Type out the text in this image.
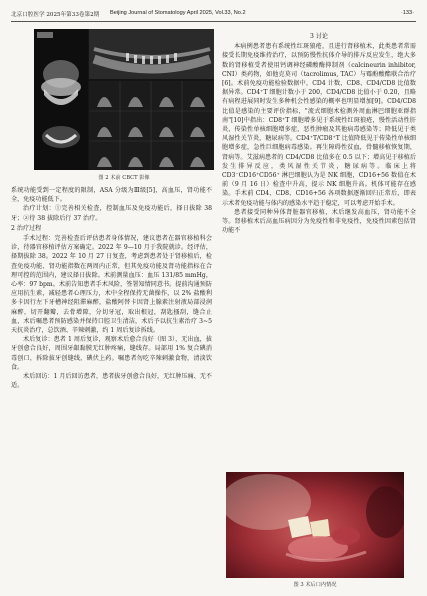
北京口腔医学 2025年第33卷第2期 Beijing Journal of Stomatology April 2025, Vol.33, No.2	·133·
图 2 术前 CBCT 影像

系统功能受到一定程度的限制，ASA 分级为Ⅲ级[5]，高血压，肾功能不全，免疫功能低下。

治疗计划：①完善相关检查，控制血压及免疫功能后，择日拔除 38 牙；②待 38 拔除后行 37 治疗。

2 治疗过程

手术过程：完善检查后评估患者身体情况，建议患者在器官移植科会诊，待器官移植评估方案确定。2022 年 9—10 月于我院就诊。经评估，择期拔除 38。2022 年 10 月 27 日复查，考虑到患者处于肾移植后，检查免疫功能、肾功能指数在两周内正常，但其免疫功能及肾功能指标在合理可控的范围内，建议择日拔除。术前测量血压：血压 131/85 mmHg，心率：97 bpm。术前告知患者手术风险，签署知情同意书。提前沟通预防应用抗生素，减轻患者心理压力，术中全程保持无菌操作，以 2% 盐酸利多卡因行左下牙槽神经阻滞麻醉，盐酸阿替卡因肾上腺素注射液局部浸润麻醉，切开翻瓣，去骨增隙，分切牙冠，取出根冠，刮匙搔刮，缝合止血，术后嘱患者预防感染并保持口腔卫生清洁，术后予以抗生素治疗 3~5 天抗炎治疗，总饮酒、辛辣刺激，约 1 周后复诊拆线。

术后复诊：患者 1 周后复诊，观察术后愈合良好（图 3），无出血，拔牙创愈合良好，周围牙龈黏膜无红肿疼痛，缝线存。局部用 1% 复合碘消毒创口，拆除拔牙创缝线，碘伏上药。嘱患者勿吃辛辣刺激食物，清淡饮食。

术后回访：1 月后回访患者，患者拔牙创愈合良好，无红肿压痛、无不适。

3 讨论

本病例患者患有系统性红斑狼疮，且进行肾移植术，此类患者常需接受长期免疫维持治疗，以预防慢性抗体介导的排斥反应发生，绝大多数的肾移植受者使用钙调神经磷酸酶抑制剂（calcineurin inhibitor, CNI）类药物，如他克莫司（tacrolimus, TAC）与霉酚酸酯联合治疗[6]。术前免疫功能检验数据中，CD4 计数、CD8、CD4/CD8 比值数据异常。CD4⁺T 细胞计数小于 200，CD4/CD8 比值小于 0.20，且略有病程进展同时发生多种机会性感染的概率也明显增加[9]。CD4/CD8 比值是感染的主要评价指标，"流式细胞术检测外周血淋巴细胞亚群指南"[10]中指出：CD8⁺T 细胞增多见于系统性红斑狼疮，慢性活动性肝炎，传染性单核细胞增多症，恶性肿瘤及其他病毒感染等；降低见于类风湿性关节炎，糖尿病等。CD4⁺T/CD8⁺T 比值降低见于传染性单核细胞增多症，急性巨细胞病毒感染。再生障碍性贫血，骨髓移植恢复期，肾病等。艾滋病患者的 CD4/CD8 比值多在 0.5 以下；增高见于移植后发生排异反应，类风湿性关节炎，糖尿病等。临床上将 CD3⁻CD16⁺CD56⁺ 淋巴细胞认为是 NK 细胞，CD16+56 数值在术前（9 月 16 日）检查中升高，提示 NK 细胞升高。机体可能存在感染。手术前 CD4、CD8、CD16+56 各项数据逐渐回归正常后，即表示术者免疫功能与体内的感染水平趋于稳定，可以考虑开始手术。

患者接受同种异体肾脏器官移植，术后继发高血压，肾功能不全等。肾移植术后高血压病因分为免疫性和非免疫性，免疫性因素包括肾功能不

图 3 术后口内情况
